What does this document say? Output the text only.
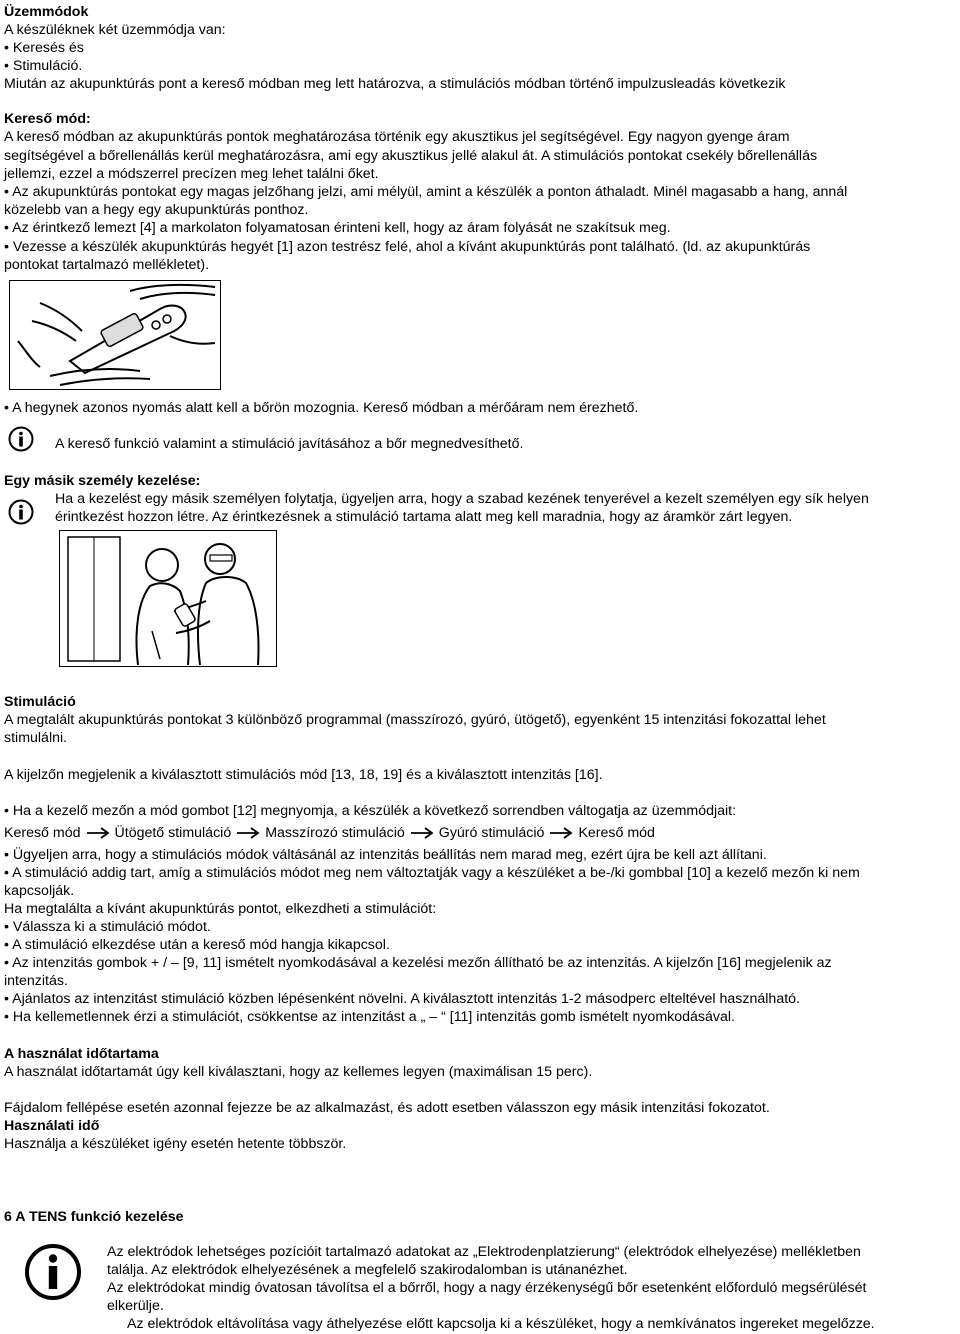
Üzemmódok
A készüléknek két üzemmódja van:
• Keresés és
• Stimuláció.
Miután az akupunktúrás pont a kereső módban meg lett határozva, a stimulációs módban történő impulzusleadás következik
Kereső mód:
A kereső módban az akupunktúrás pontok meghatározása történik egy akusztikus jel segítségével. Egy nagyon gyenge áram
segítségével a bőrellenállás kerül meghatározásra, ami egy akusztikus jellé alakul át. A stimulációs pontokat csekély bőrellenállás
jellemzi, ezzel a módszerrel precízen meg lehet találni őket.
• Az akupunktúrás pontokat egy magas jelzőhang jelzi, ami mélyül, amint a készülék a ponton áthaladt. Minél magasabb a hang, annál
közelebb van a hegy egy akupunktúrás ponthoz.
• Az érintkező lemezt [4] a markolaton folyamatosan érinteni kell, hogy az áram folyását ne szakítsuk meg.
• Vezesse a készülék akupunktúrás hegyét [1] azon testrész felé, ahol a kívánt akupunktúrás pont található. (ld. az akupunktúrás
pontokat tartalmazó mellékletet).
• A hegynek azonos nyomás alatt kell a bőrön mozognia. Kereső módban a mérőáram nem érezhető.
A kereső funkció valamint a stimuláció javításához a bőr megnedvesíthető.
Egy másik személy kezelése:
Ha a kezelést egy másik személyen folytatja, ügyeljen arra, hogy a szabad kezének tenyerével a kezelt személyen egy sík helyen
érintkezést hozzon létre. Az érintkezésnek a stimuláció tartama alatt meg kell maradnia, hogy az áramkör zárt legyen.
Stimuláció
A megtalált akupunktúrás pontokat 3 különböző programmal (masszírozó, gyúró, ütögető), egyenként 15 intenzitási fokozattal lehet
stimulálni.
A kijelzőn megjelenik a kiválasztott stimulációs mód [13, 18, 19] és a kiválasztott intenzitás [16].
• Ha a kezelő mezőn a mód gombot [12] megnyomja, a készülék a következő sorrendben váltogatja az üzemmódjait:
Kereső mód Ütögető stimuláció Masszírozó stimuláció Gyúró stimuláció Kereső mód
• Ügyeljen arra, hogy a stimulációs módok váltásánál az intenzitás beállítás nem marad meg, ezért újra be kell azt állítani.
• A stimuláció addig tart, amíg a stimulációs módot meg nem változtatják vagy a készüléket a be-/ki gombbal [10] a kezelő mezőn ki nem
kapcsolják.
Ha megtalálta a kívánt akupunktúrás pontot, elkezdheti a stimulációt:
• Válassza ki a stimuláció módot.
• A stimuláció elkezdése után a kereső mód hangja kikapcsol.
• Az intenzitás gombok + / – [9, 11] ismételt nyomkodásával a kezelési mezőn állítható be az intenzitás. A kijelzőn [16] megjelenik az
intenzitás.
• Ajánlatos az intenzitást stimuláció közben lépésenként növelni. A kiválasztott intenzitás 1-2 másodperc elteltével használható.
• Ha kellemetlennek érzi a stimulációt, csökkentse az intenzitást a „ – “ [11] intenzitás gomb ismételt nyomkodásával.
A használat időtartama
A használat időtartamát úgy kell kiválasztani, hogy az kellemes legyen (maximálisan 15 perc).
Fájdalom fellépése esetén azonnal fejezze be az alkalmazást, és adott esetben válasszon egy másik intenzitási fokozatot.
Használati idő
Használja a készüléket igény esetén hetente többször.
6 A TENS funkció kezelése
Az elektródok lehetséges pozícióit tartalmazó adatokat az „Elektrodenplatzierung“ (elektródok elhelyezése) mellékletben
találja. Az elektródok elhelyezésének a megfelelő szakirodalomban is utánanézhet.
Az elektródokat mindig óvatosan távolítsa el a bőrről, hogy a nagy érzékenységű bőr esetenként előforduló megsérülését
elkerülje.
Az elektródok eltávolítása vagy áthelyezése előtt kapcsolja ki a készüléket, hogy a nemkívánatos ingereket megelőzze.
